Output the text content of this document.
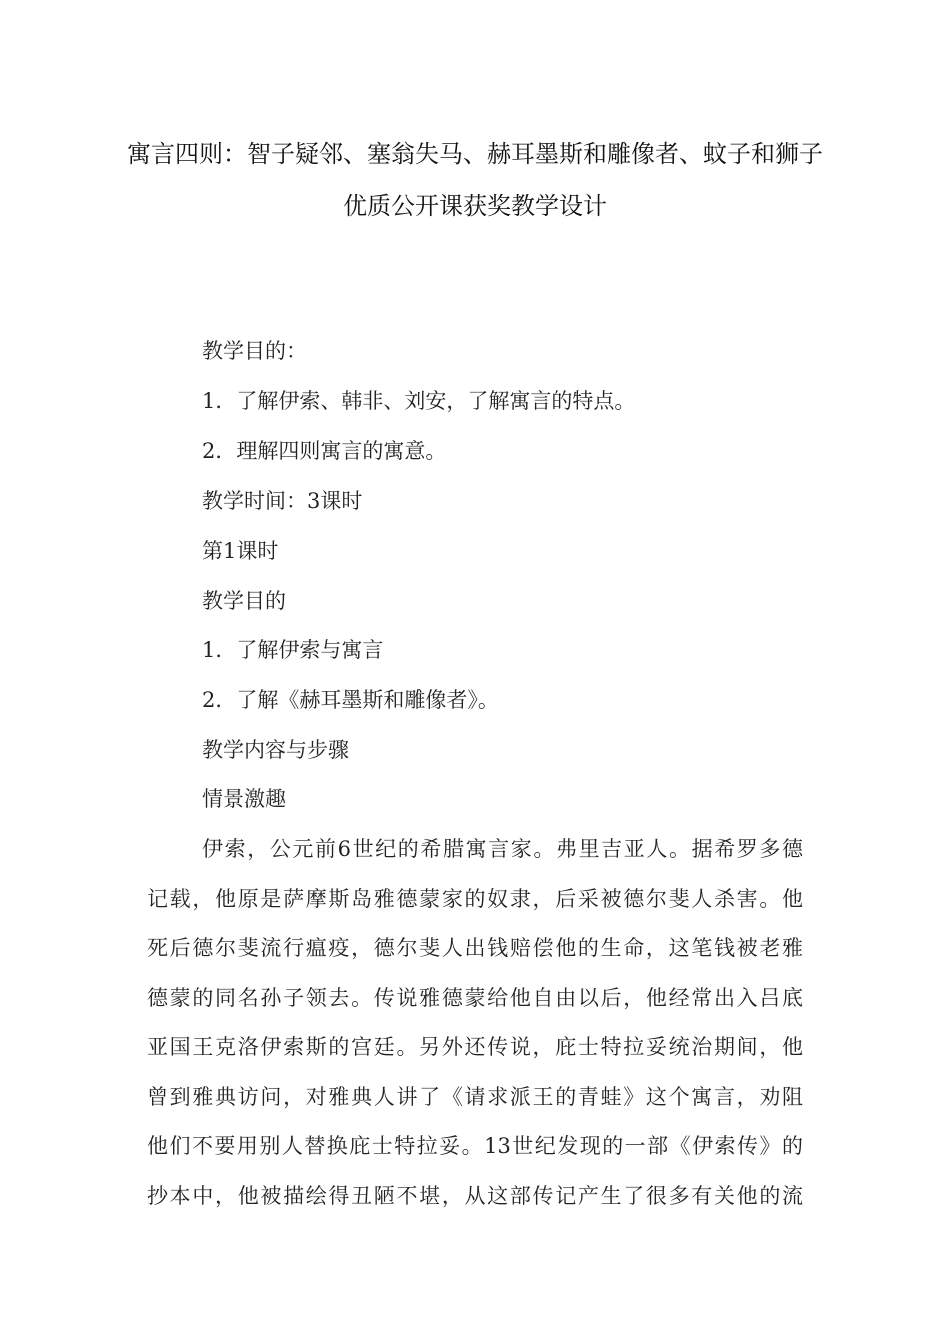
寓言四则：智子疑邻、塞翁失马、赫耳墨斯和雕像者、蚊子和狮子
优质公开课获奖教学设计
教学目的：
1．了解伊索、韩非、刘安，了解寓言的特点。
2．理解四则寓言的寓意。
教学时间：3课时
第1课时
教学目的
1．了解伊索与寓言
2．了解《赫耳墨斯和雕像者》。
教学内容与步骤
情景激趣
伊索，公元前6世纪的希腊寓言家。弗里吉亚人。据希罗多德
记载，他原是萨摩斯岛雅德蒙家的奴隶，后采被德尔斐人杀害。他
死后德尔斐流行瘟疫，德尔斐人出钱赔偿他的生命，这笔钱被老雅
德蒙的同名孙子领去。传说雅德蒙给他自由以后，他经常出入吕底
亚国王克洛伊索斯的宫廷。另外还传说，庇士特拉妥统治期间，他
曾到雅典访问，对雅典人讲了《请求派王的青蛙》这个寓言，劝阻
他们不要用别人替换庇士特拉妥。13世纪发现的一部《伊索传》的
抄本中，他被描绘得丑陋不堪，从这部传记产生了很多有关他的流
